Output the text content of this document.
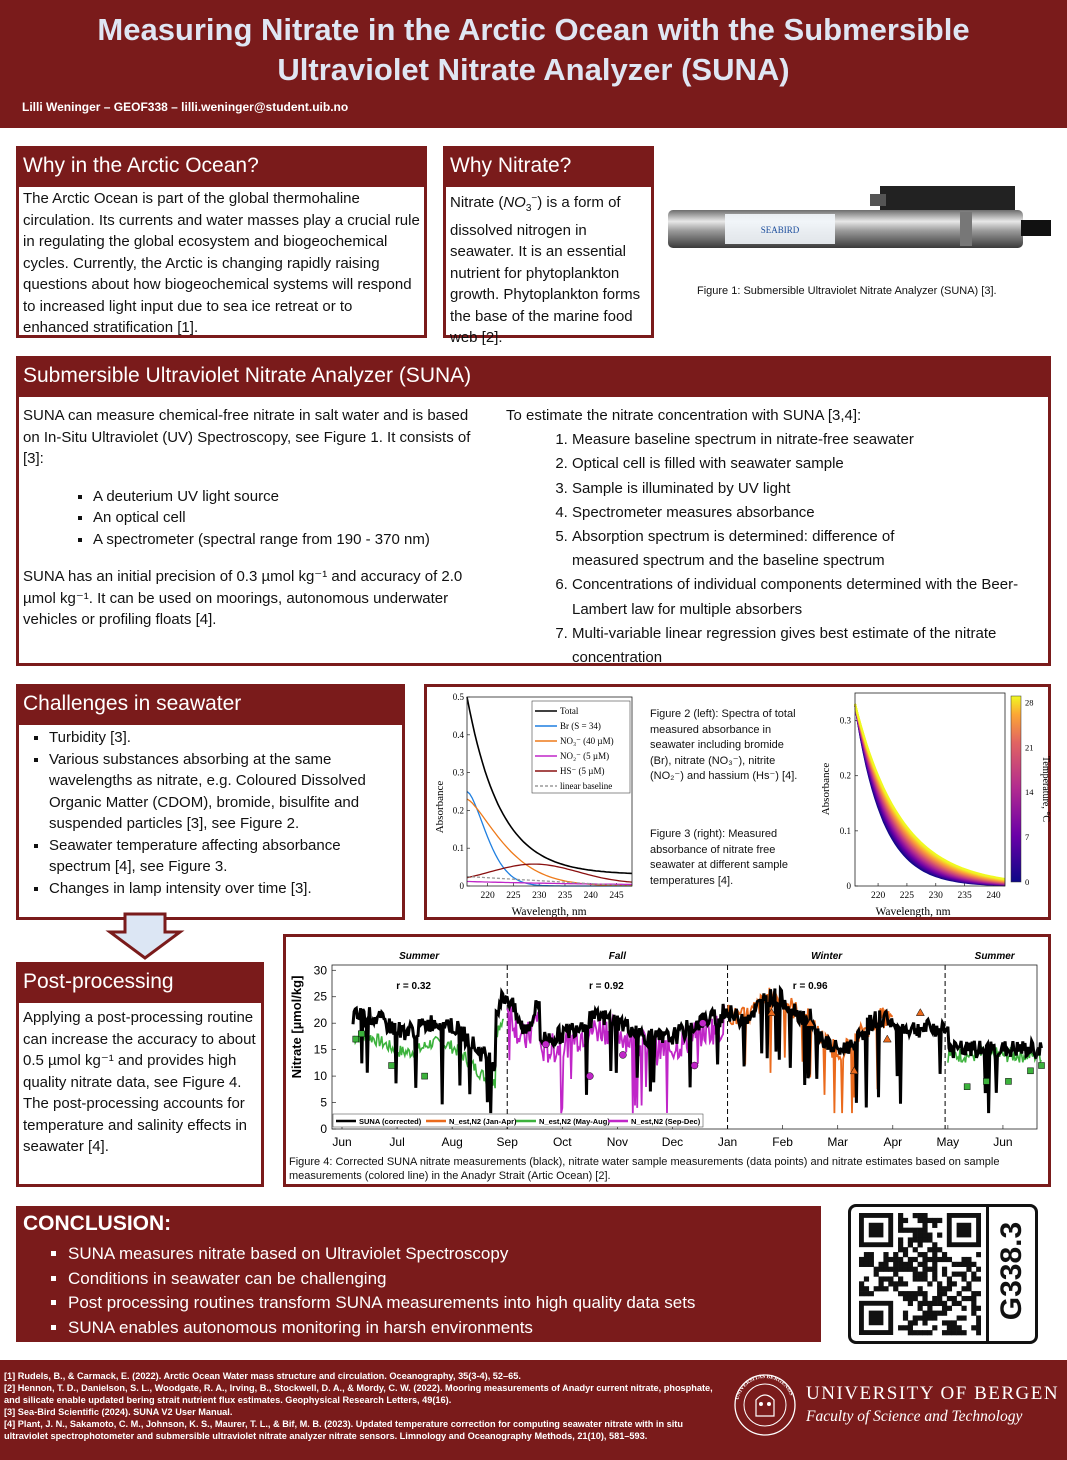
Measuring Nitrate in the Arctic Ocean with the Submersible
Ultraviolet Nitrate Analyzer (SUNA)
Lilli Weninger – GEOF338 – lilli.weninger@student.uib.no
Why in the Arctic Ocean?
The Arctic Ocean is part of the global thermohaline circulation. Its currents and water masses play a crucial rule in regulating the global ecosystem and biogeochemical cycles. Currently, the Arctic is changing rapidly raising questions about how biogeochemical systems will respond to increased light input due to sea ice retreat or to enhanced stratification [1].
Why Nitrate?
Nitrate $(NO_3^-)$ is a form of dissolved nitrogen in seawater. It is an essential nutrient for phytoplankton growth. Phytoplankton forms the base of the marine food web [2].
SEABIRD
Figure 1: Submersible Ultraviolet Nitrate Analyzer (SUNA) [3].
Submersible Ultraviolet Nitrate Analyzer (SUNA)
SUNA can measure chemical-free nitrate in salt water and is based on In-Situ Ultraviolet (UV) Spectroscopy, see Figure 1. It consists of [3]:
▪ A deuterium UV light source
▪ An optical cell
▪ A spectrometer (spectral range from 190 - 370 nm)
SUNA has an initial precision of 0.3 µmol kg⁻¹ and accuracy of 2.0 µmol kg⁻¹. It can be used on moorings, autonomous underwater vehicles or profiling floats [4].
To estimate the nitrate concentration with SUNA [3,4]:
1. Measure baseline spectrum in nitrate-free seawater
2. Optical cell is filled with seawater sample
3. Sample is illuminated by UV light
4. Spectrometer measures absorbance
5. Absorption spectrum is determined: difference of measured spectrum and the baseline spectrum
6. Concentrations of individual components determined with the Beer-Lambert law for multiple absorbers
7. Multi-variable linear regression gives best estimate of the nitrate concentration
Challenges in seawater
▪ Turbidity [3].
▪ Various substances absorbing at the same wavelengths as nitrate, e.g. Coloured Dissolved Organic Matter (CDOM), bromide, bisulfite and suspended particles [3], see Figure 2.
▪ Seawater temperature affecting absorbance spectrum [4], see Figure 3.
▪ Changes in lamp intensity over time [3].
Absorbance
Wavelength, nm
0
0.1
0.2
0.3
0.4
0.5
220 225 230 235 240 245
Total
Br (S = 34)
NO₃⁻ (40 µM)
NO₂⁻ (5 µM)
HS⁻ (5 µM)
linear baseline
Figure 2 (left): Spectra of total measured absorbance in seawater including bromide (Br), nitrate (NO₃⁻), nitrite (NO₂⁻) and hassium (Hs⁻) [4].
Figure 3 (right): Measured absorbance of nitrate free seawater at different sample temperatures [4].
Absorbance
Wavelength, nm
0
0.1
0.2
0.3
220 225 230 235 240
0
7
14
21
28
Temperature, °C
Post-processing
Applying a post-processing routine can increase the accuracy to about 0.5 µmol kg⁻¹ and provides high quality nitrate data, see Figure 4. The post-processing accounts for temperature and salinity effects in seawater [4].
Nitrate [µmol/kg]
0
5
10
15
20
25
30
Jun	Jul	Aug	Sep	Oct	Nov	Dec	Jan	Feb	Mar	Apr	May	Jun
Summer	Fall	Winter	Summer
r = 0.32	r = 0.92	r = 0.96
SUNA (corrected)	N_est,N2 (Jan-Apr)	N_est,N2 (May-Aug)	N_est,N2 (Sep-Dec)
Figure 4: Corrected SUNA nitrate measurements (black), nitrate water sample measurements (data points) and nitrate estimates based on sample measurements (colored line) in the Anadyr Strait (Artic Ocean) [2].
CONCLUSION:
▪ SUNA measures nitrate based on Ultraviolet Spectroscopy
▪ Conditions in seawater can be challenging
▪ Post processing routines transform SUNA measurements into high quality data sets
▪ SUNA enables autonomous monitoring in harsh environments
G338.3
[1] Rudels, B., & Carmack, E. (2022). Arctic Ocean Water mass structure and circulation. Oceanography, 35(3-4), 52–65.
[2] Hennon, T. D., Danielson, S. L., Woodgate, R. A., Irving, B., Stockwell, D. A., & Mordy, C. W. (2022). Mooring measurements of Anadyr current nitrate, phosphate, and silicate enable updated bering strait nutrient flux estimates. Geophysical Research Letters, 49(16).
[3] Sea-Bird Scientific (2024). SUNA V2 User Manual.
[4] Plant, J. N., Sakamoto, C. M., Johnson, K. S., Maurer, T. L., & Bif, M. B. (2023). Updated temperature correction for computing seawater nitrate with in situ ultraviolet spectrophotometer and submersible ultraviolet nitrate analyzer nitrate sensors. Limnology and Oceanography Methods, 21(10), 581–593.
UNIVERSITAS BERGENSIS UNIVERSITY OF BERGEN
Faculty of Science and Technology
